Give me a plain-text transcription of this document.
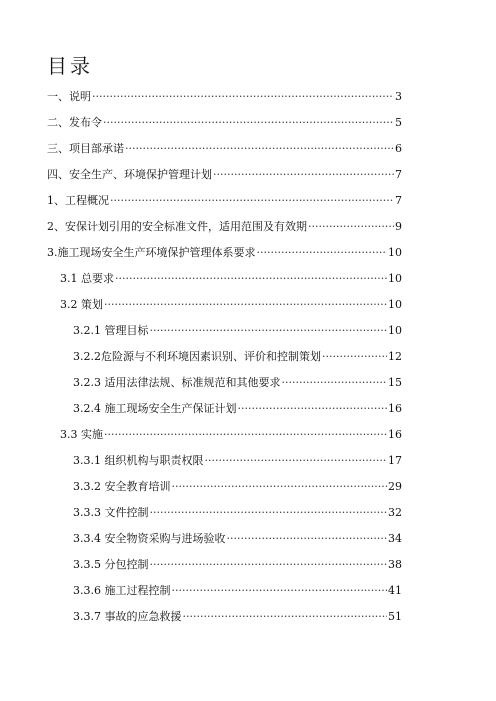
目录
一、说明 ·····	3
二、发布令 ·····	5
三、项目部承诺 ·····	6
四、安全生产、环境保护管理计划 ·····	7
1、工程概况 ·····	7
2、安保计划引用的安全标准文件，适用范围及有效期 ·····	9
3.施工现场安全生产环境保护管理体系要求 ·····	10
3.1 总要求 ·····	10
3.2 策划 ·····	10
3.2.1 管理目标 ·····	10
3.2.2危险源与不利环境因素识别、评价和控制策划 ·····	12
3.2.3 适用法律法规、标准规范和其他要求 ·····	15
3.2.4 施工现场安全生产保证计划 ·····	16
3.3 实施 ·····	16
3.3.1 组织机构与职责权限 ·····	17
3.3.2 安全教育培训 ·····	29
3.3.3 文件控制 ·····	32
3.3.4 安全物资采购与进场验收 ·····	34
3.3.5 分包控制 ·····	38
3.3.6 施工过程控制 ·····	41
3.3.7 事故的应急救援 ·····	51
